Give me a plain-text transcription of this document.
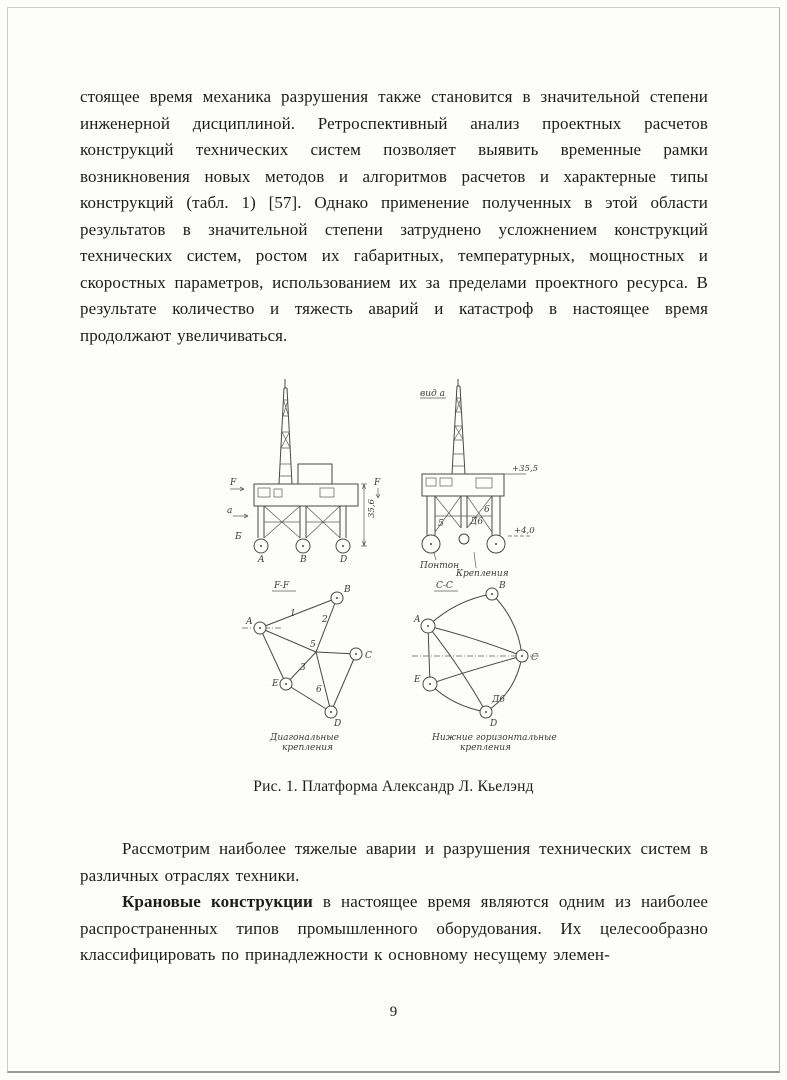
стоящее время механика разрушения также становится в значительной степени инженерной дисциплиной. Ретроспективный анализ проектных расчетов конструкций технических систем позволяет выявить временные рамки возникновения новых методов и алгоритмов расчетов и характерные типы конструкций (табл. 1) [57]. Однако применение полученных в этой области результатов в значительной степени затруднено усложнением конструкций технических систем, ростом их габаритных, температурных, мощностных и скоростных параметров, использованием их за пределами проектного ресурса. В результате количество и тяжесть аварий и катастроф в настоящее время продолжают увеличиваться.
A	B	D
F	F
а
Б
35,6
вид а
5	Д6
6
+35,5
+4,0
Понтон
Крепления
F-F	B
A
C
E
D
1
2
5
3
6
Диагональные
крепления
С-С	B
A
C
E
D
Д6
Нижние горизонтальные
крепления
Рис. 1. Платформа Александр Л. Кьелэнд

Рассмотрим наиболее тяжелые аварии и разрушения технических систем в различных отраслях техники.

Крановые конструкции в настоящее время являются одним из наиболее распространенных типов промышленного оборудования. Их целесообразно классифицировать по принадлежности к основному несущему элемен-

9
